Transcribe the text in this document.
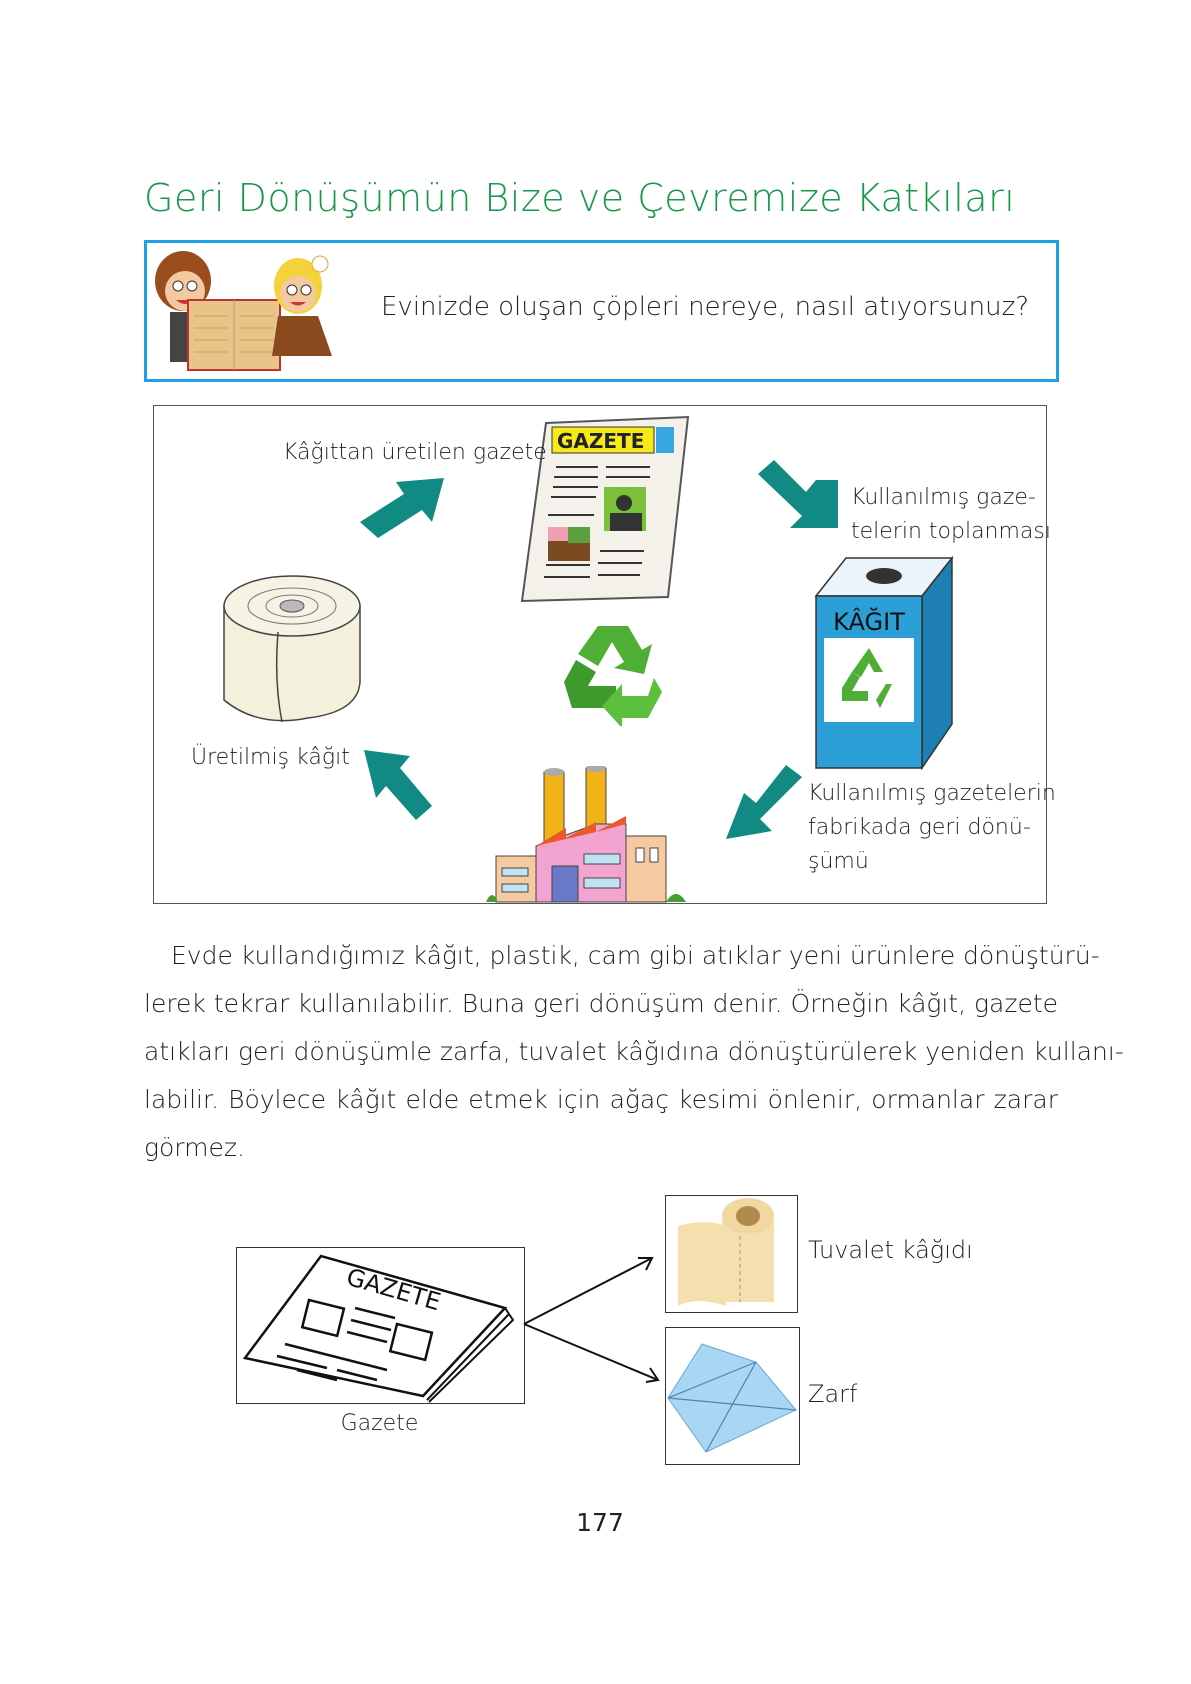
Geri Dönüşümün Bize ve Çevremize Katkıları
Evinizde oluşan çöpleri nereye, nasıl atıyorsunuz?
GAZETE
Kâğıttan üretilen gazete
Kullanılmış gaze-
telerin toplanması
KÂĞIT
Üretilmiş kâğıt
Kullanılmış gazetelerin
fabrikada geri dönü-
şümü
Evde kullandığımız kâğıt, plastik, cam gibi atıklar yeni ürünlere dönüştürü-
lerek tekrar kullanılabilir. Buna geri dönüşüm denir. Örneğin kâğıt, gazete
atıkları geri dönüşümle zarfa, tuvalet kâğıdına dönüştürülerek yeniden kullanı-
labilir. Böylece kâğıt elde etmek için ağaç kesimi önlenir, ormanlar zarar
görmez.
GAZETE
Gazete
Tuvalet kâğıdı
Zarf
177
